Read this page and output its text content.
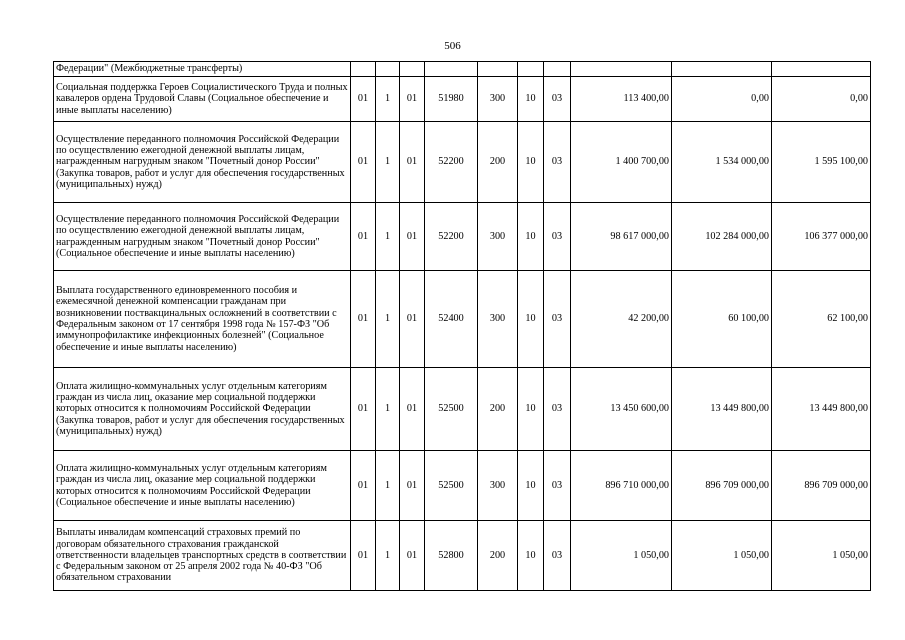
506
Федерации" (Межбюджетные трансферты)										
Социальная поддержка Героев Социалистического Труда и полных кавалеров ордена Трудовой Славы (Социальное обеспечение и иные выплаты населению)	01	1	01	51980	300	10	03	113 400,00	0,00	0,00
Осуществление переданного полномочия Российской Федерации по осуществлению ежегодной денежной выплаты лицам, награжденным нагрудным знаком "Почетный донор России" (Закупка товаров, работ и услуг для обеспечения государственных (муниципальных) нужд)	01	1	01	52200	200	10	03	1 400 700,00	1 534 000,00	1 595 100,00
Осуществление переданного полномочия Российской Федерации по осуществлению ежегодной денежной выплаты лицам, награжденным нагрудным знаком "Почетный донор России" (Социальное обеспечение и иные выплаты населению)	01	1	01	52200	300	10	03	98 617 000,00	102 284 000,00	106 377 000,00
Выплата государственного единовременного пособия и ежемесячной денежной компенсации гражданам при возникновении поствакцинальных осложнений в соответствии с Федеральным законом от 17 сентября 1998 года № 157-ФЗ "Об иммунопрофилактике инфекционных болезней" (Социальное обеспечение и иные выплаты населению)	01	1	01	52400	300	10	03	42 200,00	60 100,00	62 100,00
Оплата жилищно-коммунальных услуг отдельным категориям граждан из числа лиц, оказание мер социальной поддержки которых относится к полномочиям Российской Федерации (Закупка товаров, работ и услуг для обеспечения государственных (муниципальных) нужд)	01	1	01	52500	200	10	03	13 450 600,00	13 449 800,00	13 449 800,00
Оплата жилищно-коммунальных услуг отдельным категориям граждан из числа лиц, оказание мер социальной поддержки которых относится к полномочиям Российской Федерации (Социальное обеспечение и иные выплаты населению)	01	1	01	52500	300	10	03	896 710 000,00	896 709 000,00	896 709 000,00
Выплаты инвалидам компенсаций страховых премий по договорам обязательного страхования гражданской ответственности владельцев транспортных средств в соответствии с Федеральным законом от 25 апреля 2002 года № 40-ФЗ "Об обязательном страховании	01	1	01	52800	200	10	03	1 050,00	1 050,00	1 050,00
